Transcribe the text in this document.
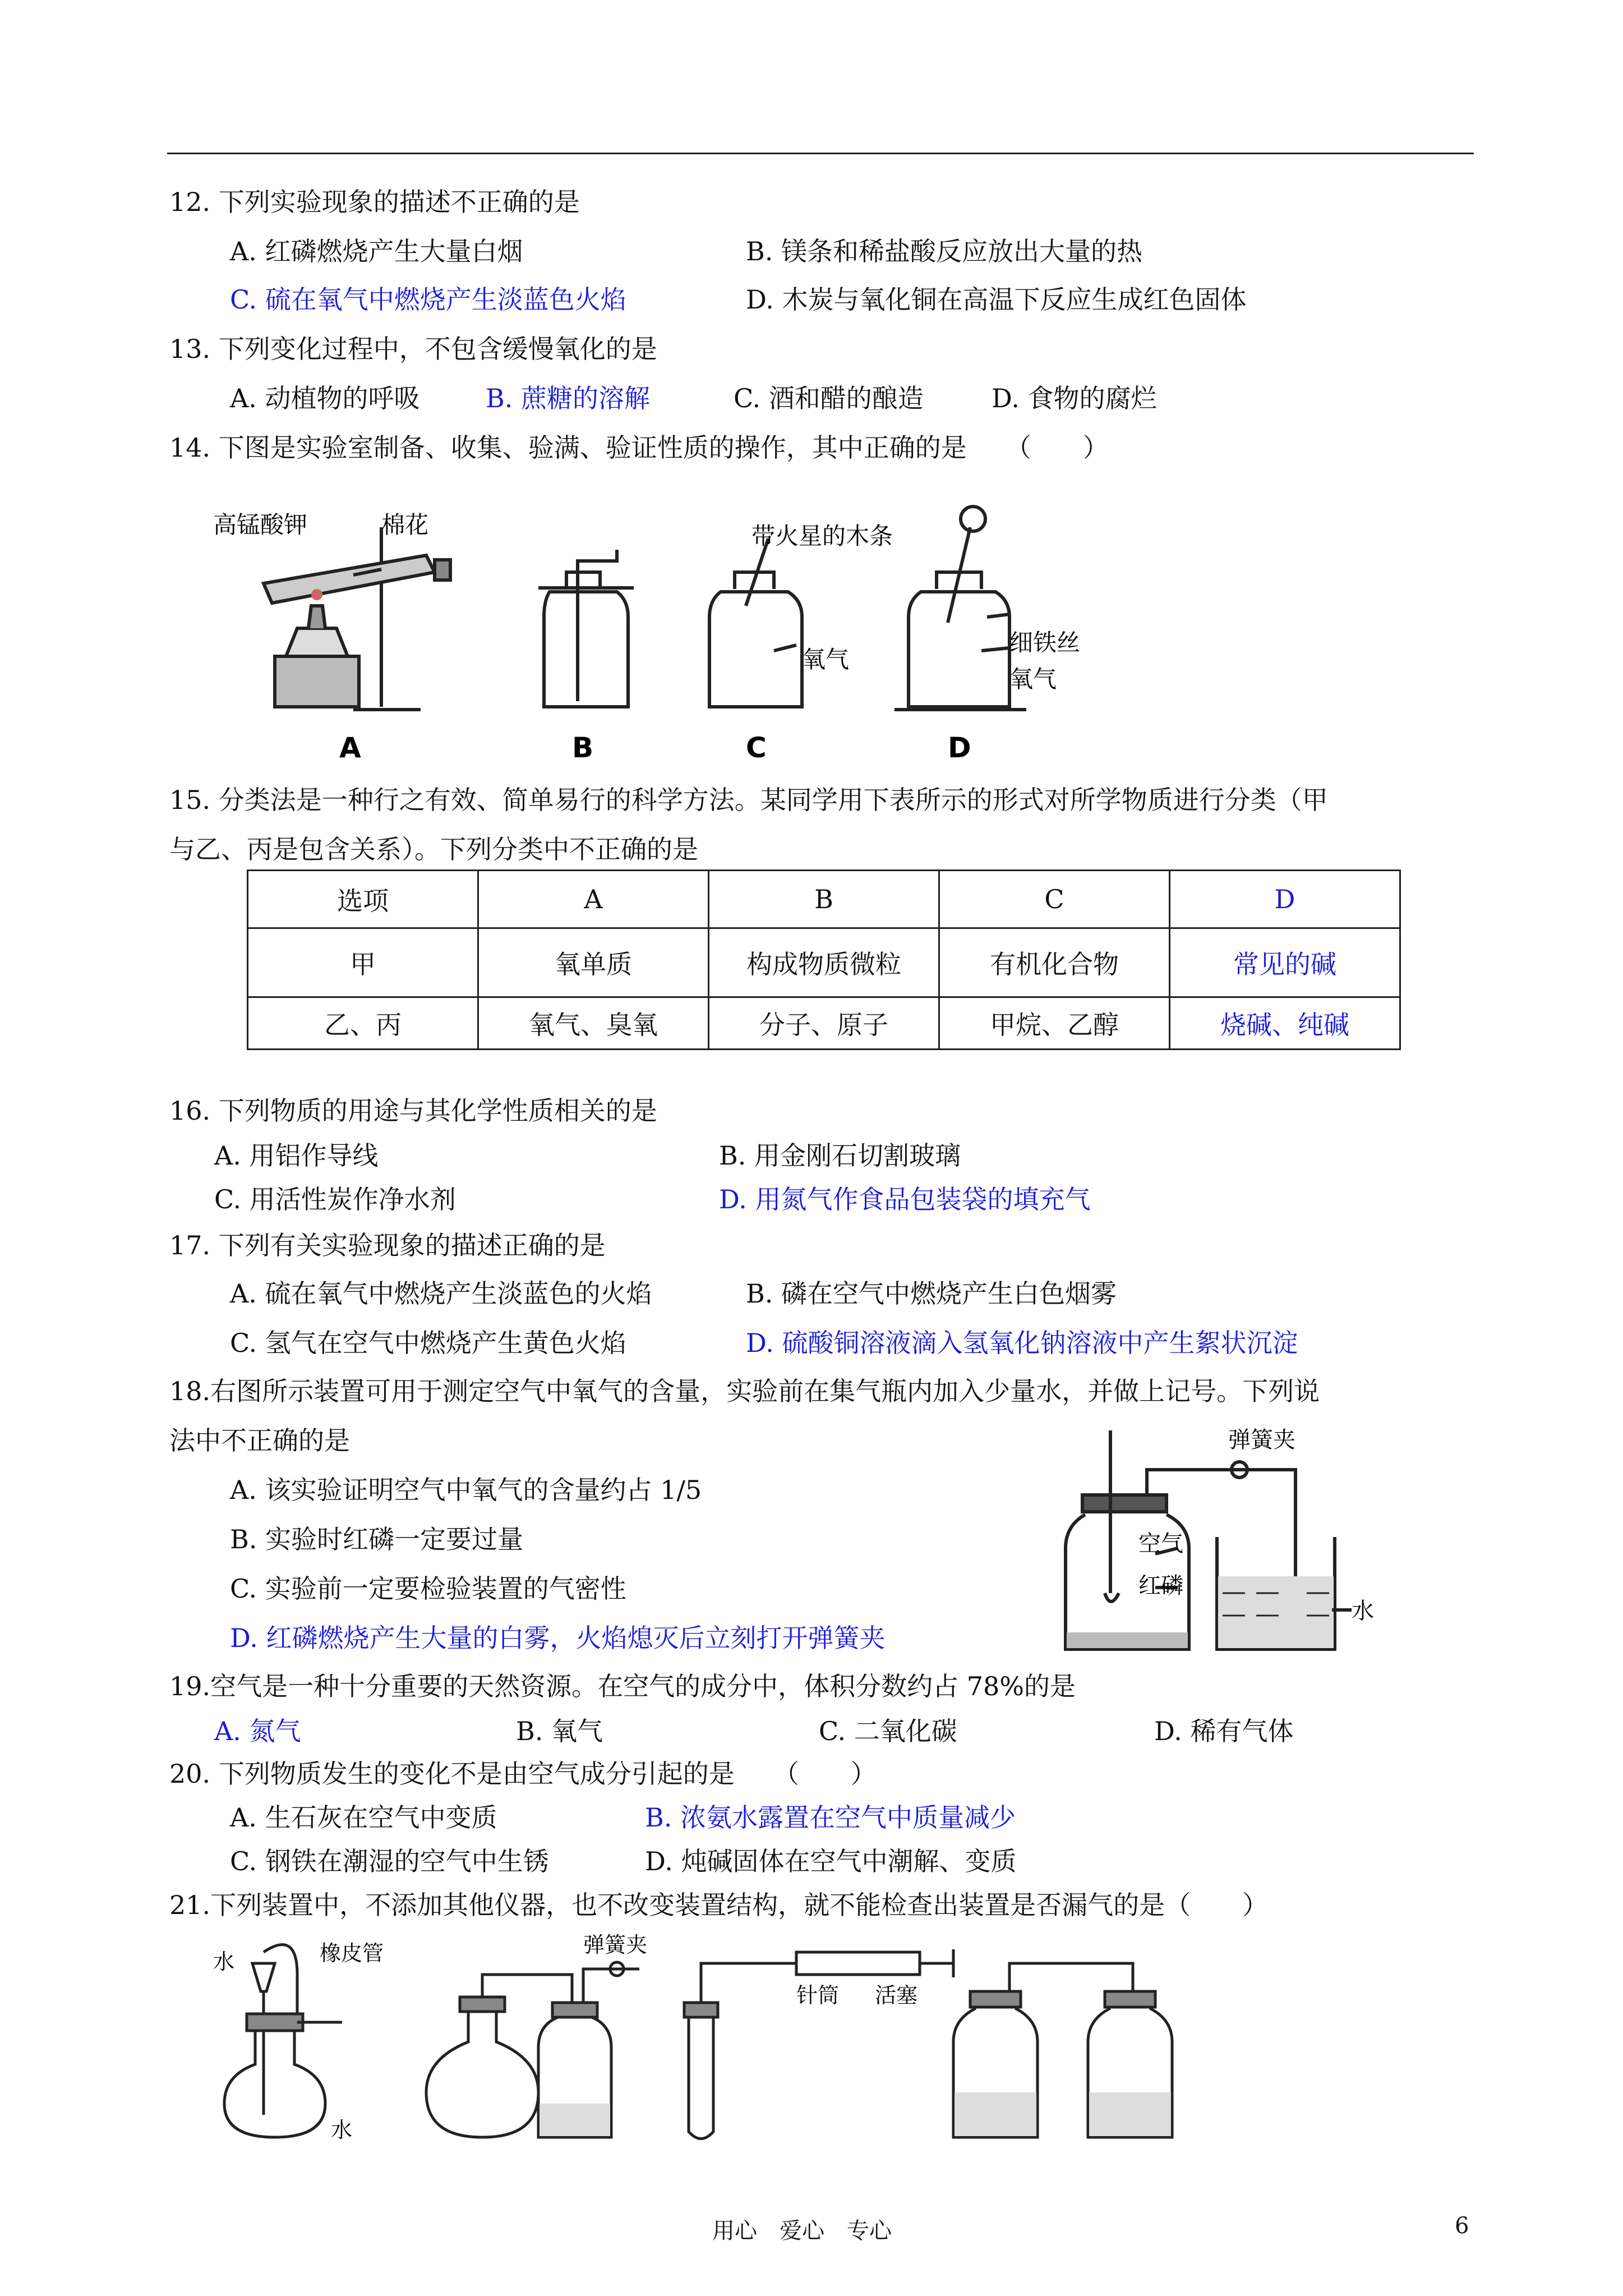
12. 下列实验现象的描述不正确的是
A. 红磷燃烧产生大量白烟	B. 镁条和稀盐酸反应放出大量的热
C. 硫在氧气中燃烧产生淡蓝色火焰	D. 木炭与氧化铜在高温下反应生成红色固体
13. 下列变化过程中，不包含缓慢氧化的是
A. 动植物的呼吸	B. 蔗糖的溶解	C. 酒和醋的酿造	D. 食物的腐烂
14. 下图是实验室制备、收集、验满、验证性质的操作，其中正确的是　　（　　）
高锰酸钾	棉花	带火星的木条
氧气
细铁丝
氧气
A	B	C	D
15. 分类法是一种行之有效、简单易行的科学方法。某同学用下表所示的形式对所学物质进行分类（甲
与乙、丙是包含关系）。下列分类中不正确的是
选项	A	B	C	D
甲	氧单质	构成物质微粒	有机化合物	常见的碱
乙、丙	氧气、臭氧	分子、原子	甲烷、乙醇	烧碱、纯碱
16. 下列物质的用途与其化学性质相关的是
A. 用铝作导线	B. 用金刚石切割玻璃
C. 用活性炭作净水剂	D. 用氮气作食品包装袋的填充气
17. 下列有关实验现象的描述正确的是
A. 硫在氧气中燃烧产生淡蓝色的火焰	B. 磷在空气中燃烧产生白色烟雾
C. 氢气在空气中燃烧产生黄色火焰	D. 硫酸铜溶液滴入氢氧化钠溶液中产生絮状沉淀
18.右图所示装置可用于测定空气中氧气的含量，实验前在集气瓶内加入少量水，并做上记号。下列说
法中不正确的是
A. 该实验证明空气中氧气的含量约占 1/5
B. 实验时红磷一定要过量
C. 实验前一定要检验装置的气密性
D. 红磷燃烧产生大量的白雾，火焰熄灭后立刻打开弹簧夹
弹簧夹
空气
红磷
水
19.空气是一种十分重要的天然资源。在空气的成分中，体积分数约占 78%的是
A. 氮气	B. 氧气	C. 二氧化碳	D. 稀有气体
20. 下列物质发生的变化不是由空气成分引起的是　　（　　）
A. 生石灰在空气中变质	B. 浓氨水露置在空气中质量减少
C. 钢铁在潮湿的空气中生锈	D. 炖碱固体在空气中潮解、变质
21.下列装置中，不添加其他仪器，也不改变装置结构，就不能检查出装置是否漏气的是（　　）
水	橡皮管
水
弹簧夹
针筒 活塞
用心　爱心　专心	6
